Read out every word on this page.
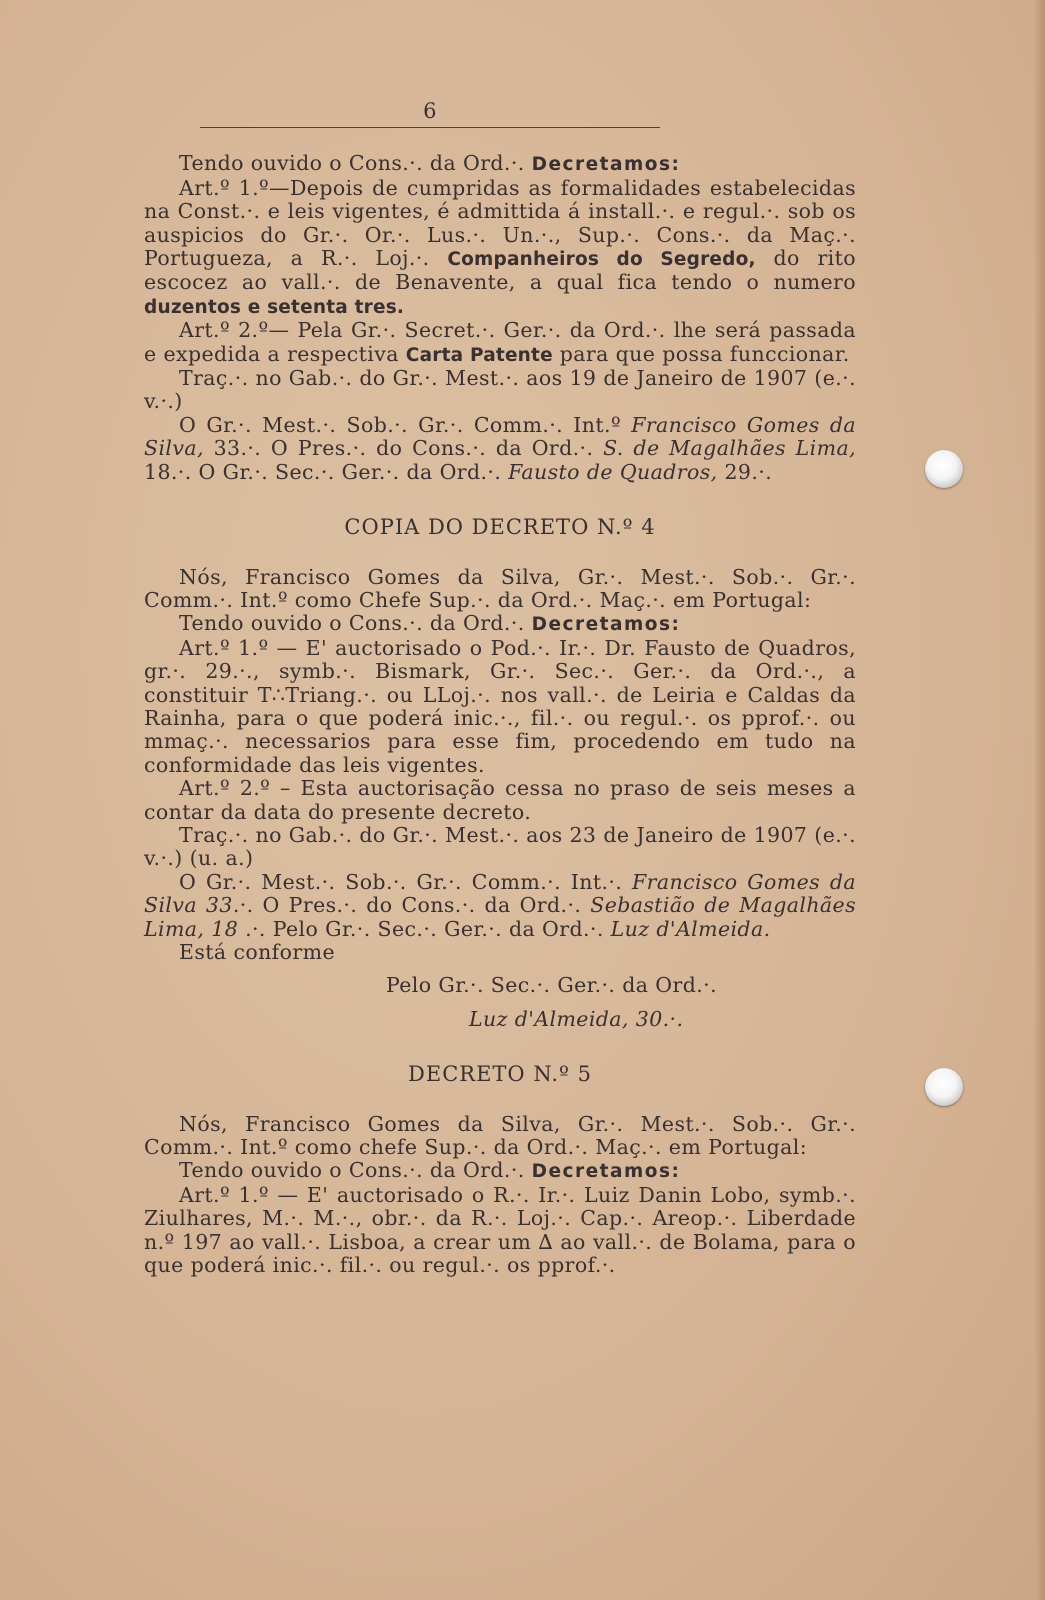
6

Tendo ouvido o Cons.·. da Ord.·. Decretamos:

Art.º 1.º—Depois de cumpridas as formalidades estabelecidas na Const.·. e leis vigentes, é admittida á install.·. e regul.·. sob os auspicios do Gr.·. Or.·. Lus.·. Un.·., Sup.·. Cons.·. da Maç.·. Portugueza, a R.·. Loj.·. Companheiros do Segredo, do rito escocez ao vall.·. de Benavente, a qual fica tendo o numero duzentos e setenta tres.

Art.º 2.º— Pela Gr.·. Secret.·. Ger.·. da Ord.·. lhe será passada e expedida a respectiva Carta Patente para que possa funccionar.

Traç.·. no Gab.·. do Gr.·. Mest.·. aos 19 de Janeiro de 1907 (e.·. v.·.)

O Gr.·. Mest.·. Sob.·. Gr.·. Comm.·. Int.º Francisco Gomes da Silva, 33.·. O Pres.·. do Cons.·. da Ord.·. S. de Magalhães Lima, 18.·. O Gr.·. Sec.·. Ger.·. da Ord.·. Fausto de Quadros, 29.·.

COPIA DO DECRETO N.º 4

Nós, Francisco Gomes da Silva, Gr.·. Mest.·. Sob.·. Gr.·. Comm.·. Int.º como Chefe Sup.·. da Ord.·. Maç.·. em Portugal:

Tendo ouvido o Cons.·. da Ord.·. Decretamos:

Art.º 1.º — E' auctorisado o Pod.·. Ir.·. Dr. Fausto de Quadros, gr.·. 29.·., symb.·. Bismark, Gr.·. Sec.·. Ger.·. da Ord.·., a constituir T∴Triang.·. ou LLoj.·. nos vall.·. de Leiria e Caldas da Rainha, para o que poderá inic.·., fil.·. ou regul.·. os pprof.·. ou mmaç.·. necessarios para esse fim, procedendo em tudo na conformidade das leis vigentes.

Art.º 2.º – Esta auctorisação cessa no praso de seis meses a contar da data do presente decreto.

Traç.·. no Gab.·. do Gr.·. Mest.·. aos 23 de Janeiro de 1907 (e.·. v.·.) (u. a.)

O Gr.·. Mest.·. Sob.·. Gr.·. Comm.·. Int.·. Francisco Gomes da Silva 33.·. O Pres.·. do Cons.·. da Ord.·. Sebastião de Magalhães Lima, 18 .·. Pelo Gr.·. Sec.·. Ger.·. da Ord.·. Luz d'Almeida.

Está conforme

Pelo Gr.·. Sec.·. Ger.·. da Ord.·.
Luz d'Almeida, 30.·.
DECRETO N.º 5

Nós, Francisco Gomes da Silva, Gr.·. Mest.·. Sob.·. Gr.·. Comm.·. Int.º como chefe Sup.·. da Ord.·. Maç.·. em Portugal:

Tendo ouvido o Cons.·. da Ord.·. Decretamos:

Art.º 1.º — E' auctorisado o R.·. Ir.·. Luiz Danin Lobo, symb.·. Ziulhares, M.·. M.·., obr.·. da R.·. Loj.·. Cap.·. Areop.·. Liberdade n.º 197 ao vall.·. Lisboa, a crear um ∆ ao vall.·. de Bolama, para o que poderá inic.·. fil.·. ou regul.·. os pprof.·.
